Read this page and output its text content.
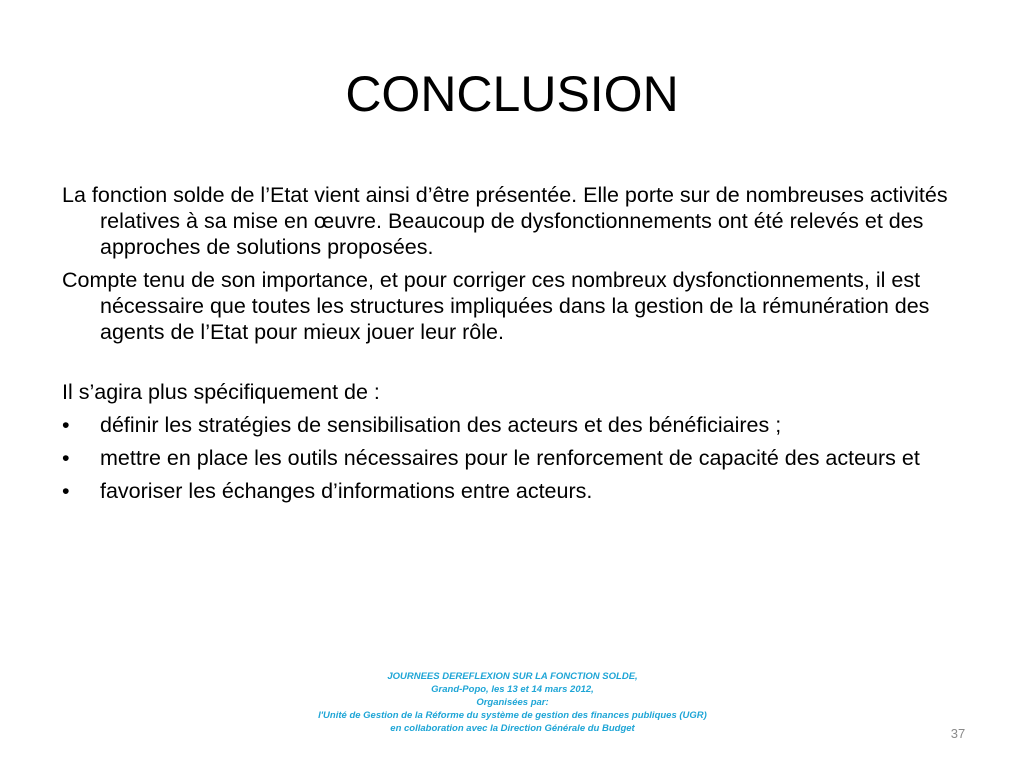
CONCLUSION

La fonction solde de l’Etat vient ainsi d’être présentée. Elle porte sur de nombreuses activités relatives à sa mise en œuvre. Beaucoup de dysfonctionnements ont été relevés et des approches de solutions proposées.

Compte tenu de son importance, et pour corriger ces nombreux dysfonctionnements, il est nécessaire que toutes les structures impliquées dans la gestion de la rémunération des agents de l’Etat pour mieux jouer leur rôle.

Il s’agira plus spécifiquement de :

•	définir les stratégies de sensibilisation des acteurs et des bénéficiaires ;
•	mettre en place les outils nécessaires pour le renforcement de capacité des acteurs et
•	favoriser les échanges d’informations entre acteurs.
JOURNEES DEREFLEXION SUR LA FONCTION SOLDE,
Grand-Popo, les 13 et 14 mars 2012,
Organisées par:
l'Unité de Gestion de la Réforme du système de gestion des finances publiques (UGR)
en collaboration avec la Direction Générale du Budget	37
